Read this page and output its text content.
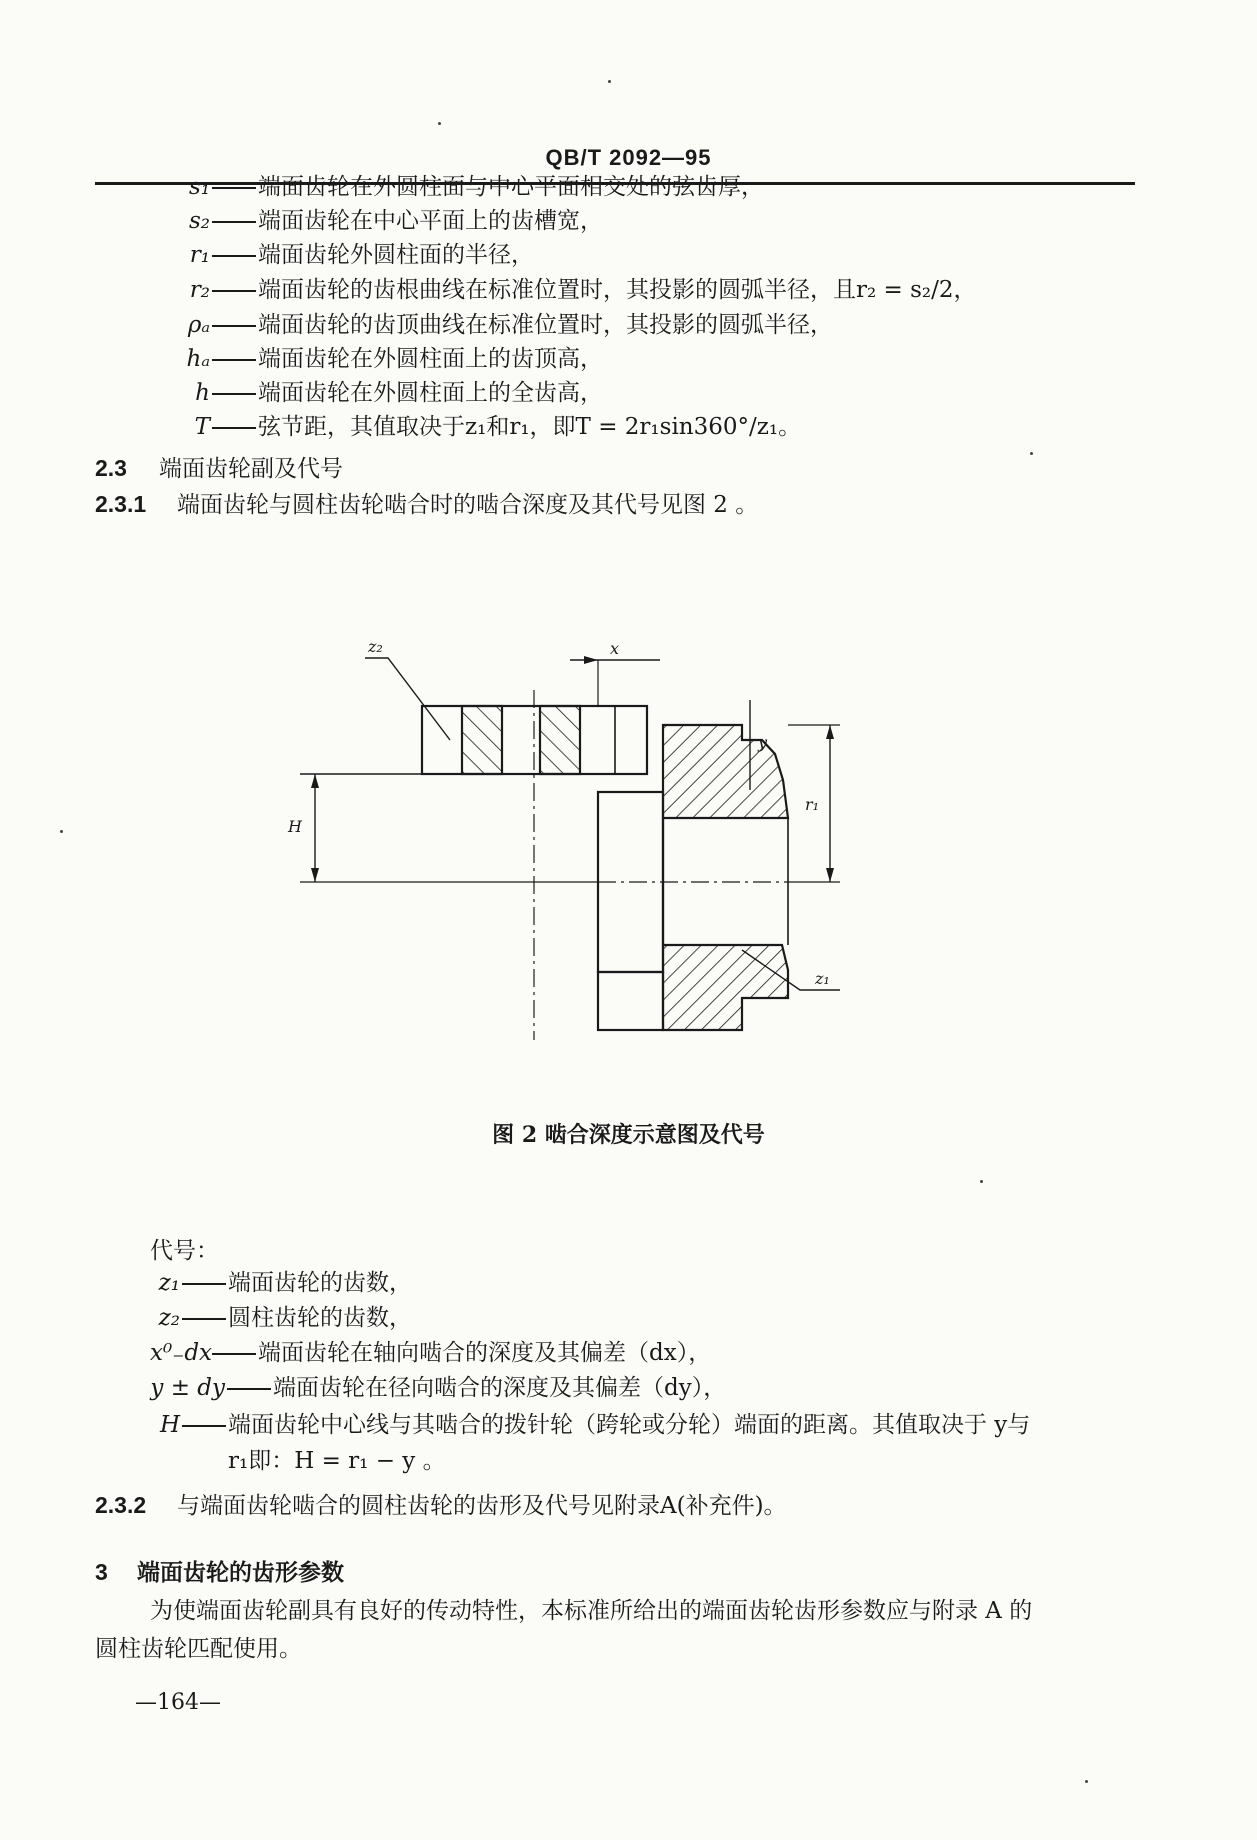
QB/T 2092—95
s₁ 端面齿轮在外圆柱面与中心平面相交处的弦齿厚，
s₂ 端面齿轮在中心平面上的齿槽宽，
r₁ 端面齿轮外圆柱面的半径，
r₂ 端面齿轮的齿根曲线在标准位置时，其投影的圆弧半径，且r₂ = s₂/2，
ρₐ 端面齿轮的齿顶曲线在标准位置时，其投影的圆弧半径，
hₐ 端面齿轮在外圆柱面上的齿顶高，
h 端面齿轮在外圆柱面上的全齿高，
T 弦节距，其值取决于z₁和r₁，即T = 2r₁sin360°/z₁。
2.3 端面齿轮副及代号
2.3.1 端面齿轮与圆柱齿轮啮合时的啮合深度及其代号见图 2 。
z₂	x
y
r₁
H
z₁
图 2 啮合深度示意图及代号
代号：
z₁ 端面齿轮的齿数，
z₂ 圆柱齿轮的齿数，
x⁰₋dx 端面齿轮在轴向啮合的深度及其偏差（dx），
y ± dy 端面齿轮在径向啮合的深度及其偏差（dy），
H 端面齿轮中心线与其啮合的拨针轮（跨轮或分轮）端面的距离。其值取决于 y与
r₁即：H = r₁ − y 。
2.3.2 与端面齿轮啮合的圆柱齿轮的齿形及代号见附录A(补充件)。
3 端面齿轮的齿形参数
为使端面齿轮副具有良好的传动特性，本标准所给出的端面齿轮齿形参数应与附录 A 的
圆柱齿轮匹配使用。
—164—
